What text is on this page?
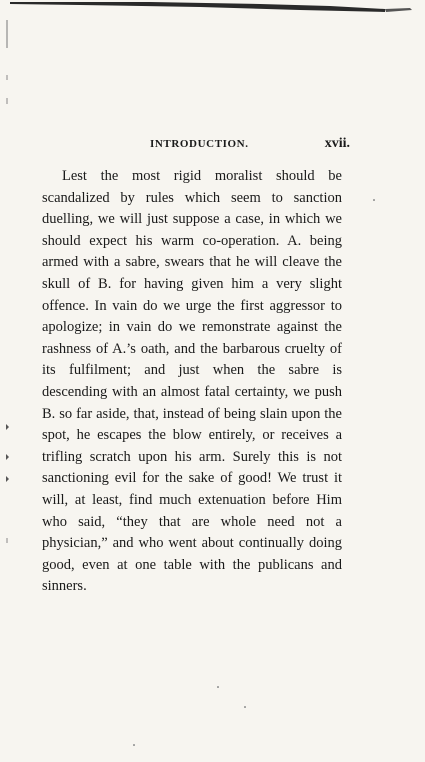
INTRODUCTION.	xvii.

Lest the most rigid moralist should be scandalized by rules which seem to sanction duelling, we will just suppose a case, in which we should expect his warm co-operation. A. being armed with a sabre, swears that he will cleave the skull of B. for having given him a very slight offence. In vain do we urge the first aggressor to apologize; in vain do we remonstrate against the rashness of A.’s oath, and the barbarous cruelty of its fulfilment; and just when the sabre is descending with an almost fatal certainty, we push B. so far aside, that, instead of being slain upon the spot, he escapes the blow entirely, or receives a trifling scratch upon his arm. Surely this is not sanctioning evil for the sake of good! We trust it will, at least, find much extenuation before Him who said, “they that are whole need not a physician,” and who went about continually doing good, even at one table with the publicans and sinners.
